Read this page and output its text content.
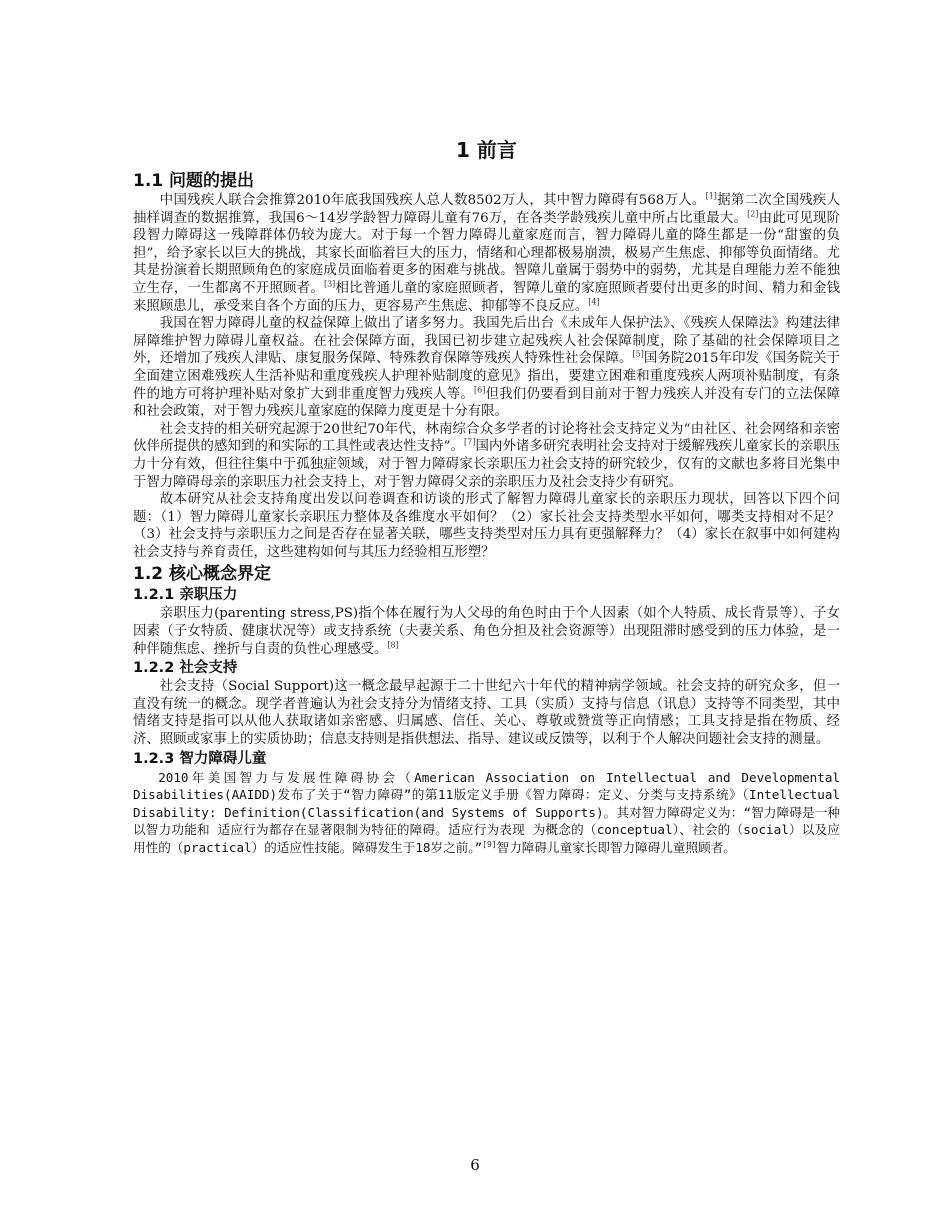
1 前言
1.1 问题的提出

中国残疾人联合会推算2010年底我国残疾人总人数8502万人，其中智力障碍有568万人。[1]据第二次全国残疾人抽样调查的数据推算，我国6～14岁学龄智力障碍儿童有76万，在各类学龄残疾儿童中所占比重最大。[2]由此可见现阶段智力障碍这一残障群体仍较为庞大。对于每一个智力障碍儿童家庭而言，智力障碍儿童的降生都是一份“甜蜜的负担”，给予家长以巨大的挑战，其家长面临着巨大的压力，情绪和心理都极易崩溃，极易产生焦虑、抑郁等负面情绪。尤其是扮演着长期照顾角色的家庭成员面临着更多的困难与挑战。智障儿童属于弱势中的弱势，尤其是自理能力差不能独立生存，一生都离不开照顾者。[3]相比普通儿童的家庭照顾者，智障儿童的家庭照顾者要付出更多的时间、精力和金钱来照顾患儿，承受来自各个方面的压力，更容易产生焦虑、抑郁等不良反应。[4]

我国在智力障碍儿童的权益保障上做出了诸多努力。我国先后出台《未成年人保护法》、《残疾人保障法》构建法律屏障维护智力障碍儿童权益。在社会保障方面，我国已初步建立起残疾人社会保障制度，除了基础的社会保障项目之外，还增加了残疾人津贴、康复服务保障、特殊教育保障等残疾人特殊性社会保障。[5]国务院2015年印发《国务院关于全面建立困难残疾人生活补贴和重度残疾人护理补贴制度的意见》指出，要建立困难和重度残疾人两项补贴制度，有条件的地方可将护理补贴对象扩大到非重度智力残疾人等。[6]但我们仍要看到目前对于智力残疾人并没有专门的立法保障和社会政策，对于智力残疾儿童家庭的保障力度更是十分有限。

社会支持的相关研究起源于20世纪70年代，林南综合众多学者的讨论将社会支持定义为“由社区、社会网络和亲密伙伴所提供的感知到的和实际的工具性或表达性支持”。[7]国内外诸多研究表明社会支持对于缓解残疾儿童家长的亲职压力十分有效，但往往集中于孤独症领域，对于智力障碍家长亲职压力社会支持的研究较少，仅有的文献也多将目光集中于智力障碍母亲的亲职压力社会支持上，对于智力障碍父亲的亲职压力及社会支持少有研究。

故本研究从社会支持角度出发以问卷调查和访谈的形式了解智力障碍儿童家长的亲职压力现状，回答以下四个问题：（1）智力障碍儿童家长亲职压力整体及各维度水平如何？（2）家长社会支持类型水平如何，哪类支持相对不足？（3）社会支持与亲职压力之间是否存在显著关联，哪些支持类型对压力具有更强解释力？（4）家长在叙事中如何建构社会支持与养育责任，这些建构如何与其压力经验相互形塑？

1.2 核心概念界定
1.2.1 亲职压力

亲职压力(parenting stress,PS)指个体在履行为人父母的角色时由于个人因素（如个人特质、成长背景等）、子女因素（子女特质、健康状况等）或支持系统（夫妻关系、角色分担及社会资源等）出现阻滞时感受到的压力体验，是一种伴随焦虑、挫折与自责的负性心理感受。[8]

1.2.2 社会支持

社会支持（Social Support)这一概念最早起源于二十世纪六十年代的精神病学领域。社会支持的研究众多，但一直没有统一的概念。现学者普遍认为社会支持分为情绪支持、工具（实质）支持与信息（讯息）支持等不同类型，其中情绪支持是指可以从他人获取诸如亲密感、归属感、信任、关心、尊敬或赞赏等正向情感；工具支持是指在物质、经济、照顾或家事上的实质协助；信息支持则是指供想法、指导、建议或反馈等，以利于个人解决问题社会支持的测量。

1.2.3 智力障碍儿童

2010年美国智力与发展性障碍协会（American Association on Intellectual and Developmental Disabilities(AAIDD)发布了关于“智力障碍”的第11版定义手册《智力障碍：定义、分类与支持系统》（Intellectual Disability: Definition(Classification(and Systems of Supports)。其对智力障碍定义为：“智力障碍是一种以智力功能和 适应行为都存在显著限制为特征的障碍。适应行为表现 为概念的（conceptual）、社会的（social）以及应用性的（practical）的适应性技能。障碍发生于18岁之前。”[9]智力障碍儿童家长即智力障碍儿童照顾者。

6
